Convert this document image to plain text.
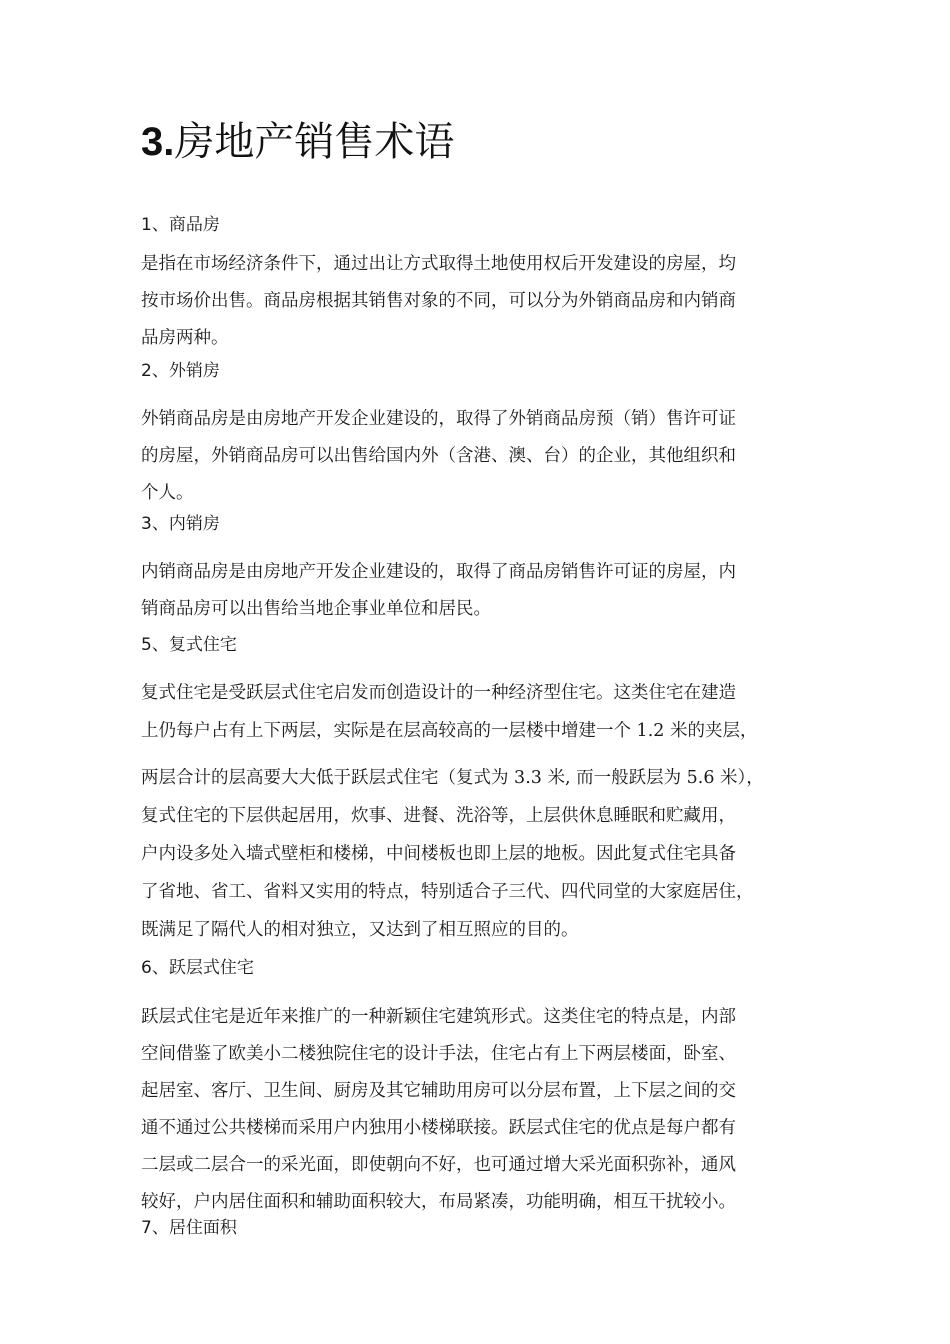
3.房地产销售术语
1、商品房
是指在市场经济条件下，通过出让方式取得土地使用权后开发建设的房屋，均
按市场价出售。商品房根据其销售对象的不同，可以分为外销商品房和内销商
品房两种。
2、外销房
外销商品房是由房地产开发企业建设的，取得了外销商品房预（销）售许可证
的房屋，外销商品房可以出售给国内外（含港、澳、台）的企业，其他组织和
个人。
3、内销房
内销商品房是由房地产开发企业建设的，取得了商品房销售许可证的房屋，内
销商品房可以出售给当地企事业单位和居民。
5、复式住宅
复式住宅是受跃层式住宅启发而创造设计的一种经济型住宅。这类住宅在建造
上仍每户占有上下两层，实际是在层高较高的一层楼中增建一个 1.2 米的夹层，
两层合计的层高要大大低于跃层式住宅（复式为 3.3 米, 而一般跃层为 5.6 米），
复式住宅的下层供起居用，炊事、进餐、洗浴等，上层供休息睡眠和贮藏用，
户内设多处入墙式壁柜和楼梯，中间楼板也即上层的地板。因此复式住宅具备
了省地、省工、省料又实用的特点，特别适合子三代、四代同堂的大家庭居住，
既满足了隔代人的相对独立，又达到了相互照应的目的。
6、跃层式住宅
跃层式住宅是近年来推广的一种新颖住宅建筑形式。这类住宅的特点是，内部
空间借鉴了欧美小二楼独院住宅的设计手法，住宅占有上下两层楼面，卧室、
起居室、客厅、卫生间、厨房及其它辅助用房可以分层布置，上下层之间的交
通不通过公共楼梯而采用户内独用小楼梯联接。跃层式住宅的优点是每户都有
二层或二层合一的采光面，即使朝向不好，也可通过增大采光面积弥补，通风
较好，户内居住面积和辅助面积较大，布局紧凑，功能明确，相互干扰较小。
7、居住面积
